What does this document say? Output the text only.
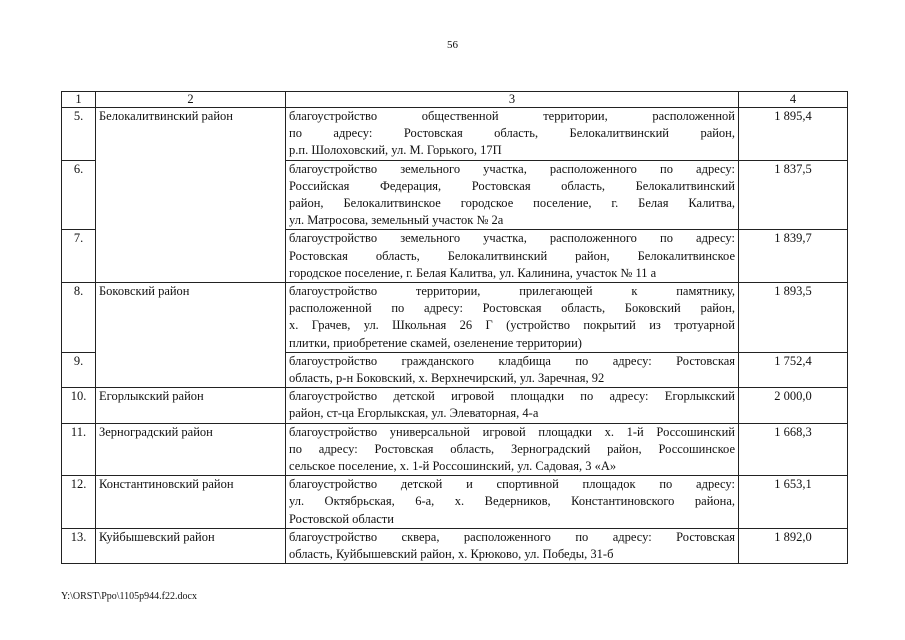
56
1	2	3	4
5.	Белокалитвинский район	благоустройство общественной территории, расположенной
по адресу: Ростовская область, Белокалитвинский район,
р.п. Шолоховский, ул. М. Горького, 17П	1 895,4
6.		благоустройство земельного участка, расположенного по адресу:
Российская Федерация, Ростовская область, Белокалитвинский
район, Белокалитвинское городское поселение, г. Белая Калитва,
ул. Матросова, земельный участок № 2а	1 837,5
7.		благоустройство земельного участка, расположенного по адресу:
Ростовская область, Белокалитвинский район, Белокалитвинское
городское поселение, г. Белая Калитва, ул. Калинина, участок № 11 а	1 839,7
8.	Боковский район	благоустройство территории, прилегающей к памятнику,
расположенной по адресу: Ростовская область, Боковский район,
х. Грачев, ул. Школьная 26 Г (устройство покрытий из тротуарной
плитки, приобретение скамей, озеленение территории)	1 893,5
9.		благоустройство гражданского кладбища по адресу: Ростовская
область, р-н Боковский, х. Верхнечирский, ул. Заречная, 92	1 752,4
10.	Егорлыкский район	благоустройство детской игровой площадки по адресу: Егорлыкский
район, ст-ца Егорлыкская, ул. Элеваторная, 4-а	2 000,0
11.	Зерноградский район	благоустройство универсальной игровой площадки х. 1-й Россошинский
по адресу: Ростовская область, Зерноградский район, Россошинское
сельское поселение, х. 1-й Россошинский, ул. Садовая, 3 «А»	1 668,3
12.	Константиновский район	благоустройство детской и спортивной площадок по адресу:
ул. Октябрьская, 6-а, х. Ведерников, Константиновского района,
Ростовской области	1 653,1
13.	Куйбышевский район	благоустройство сквера, расположенного по адресу: Ростовская
область, Куйбышевский район, х. Крюково, ул. Победы, 31-б	1 892,0
Y:\ORST\Ppo\1105p944.f22.docx
